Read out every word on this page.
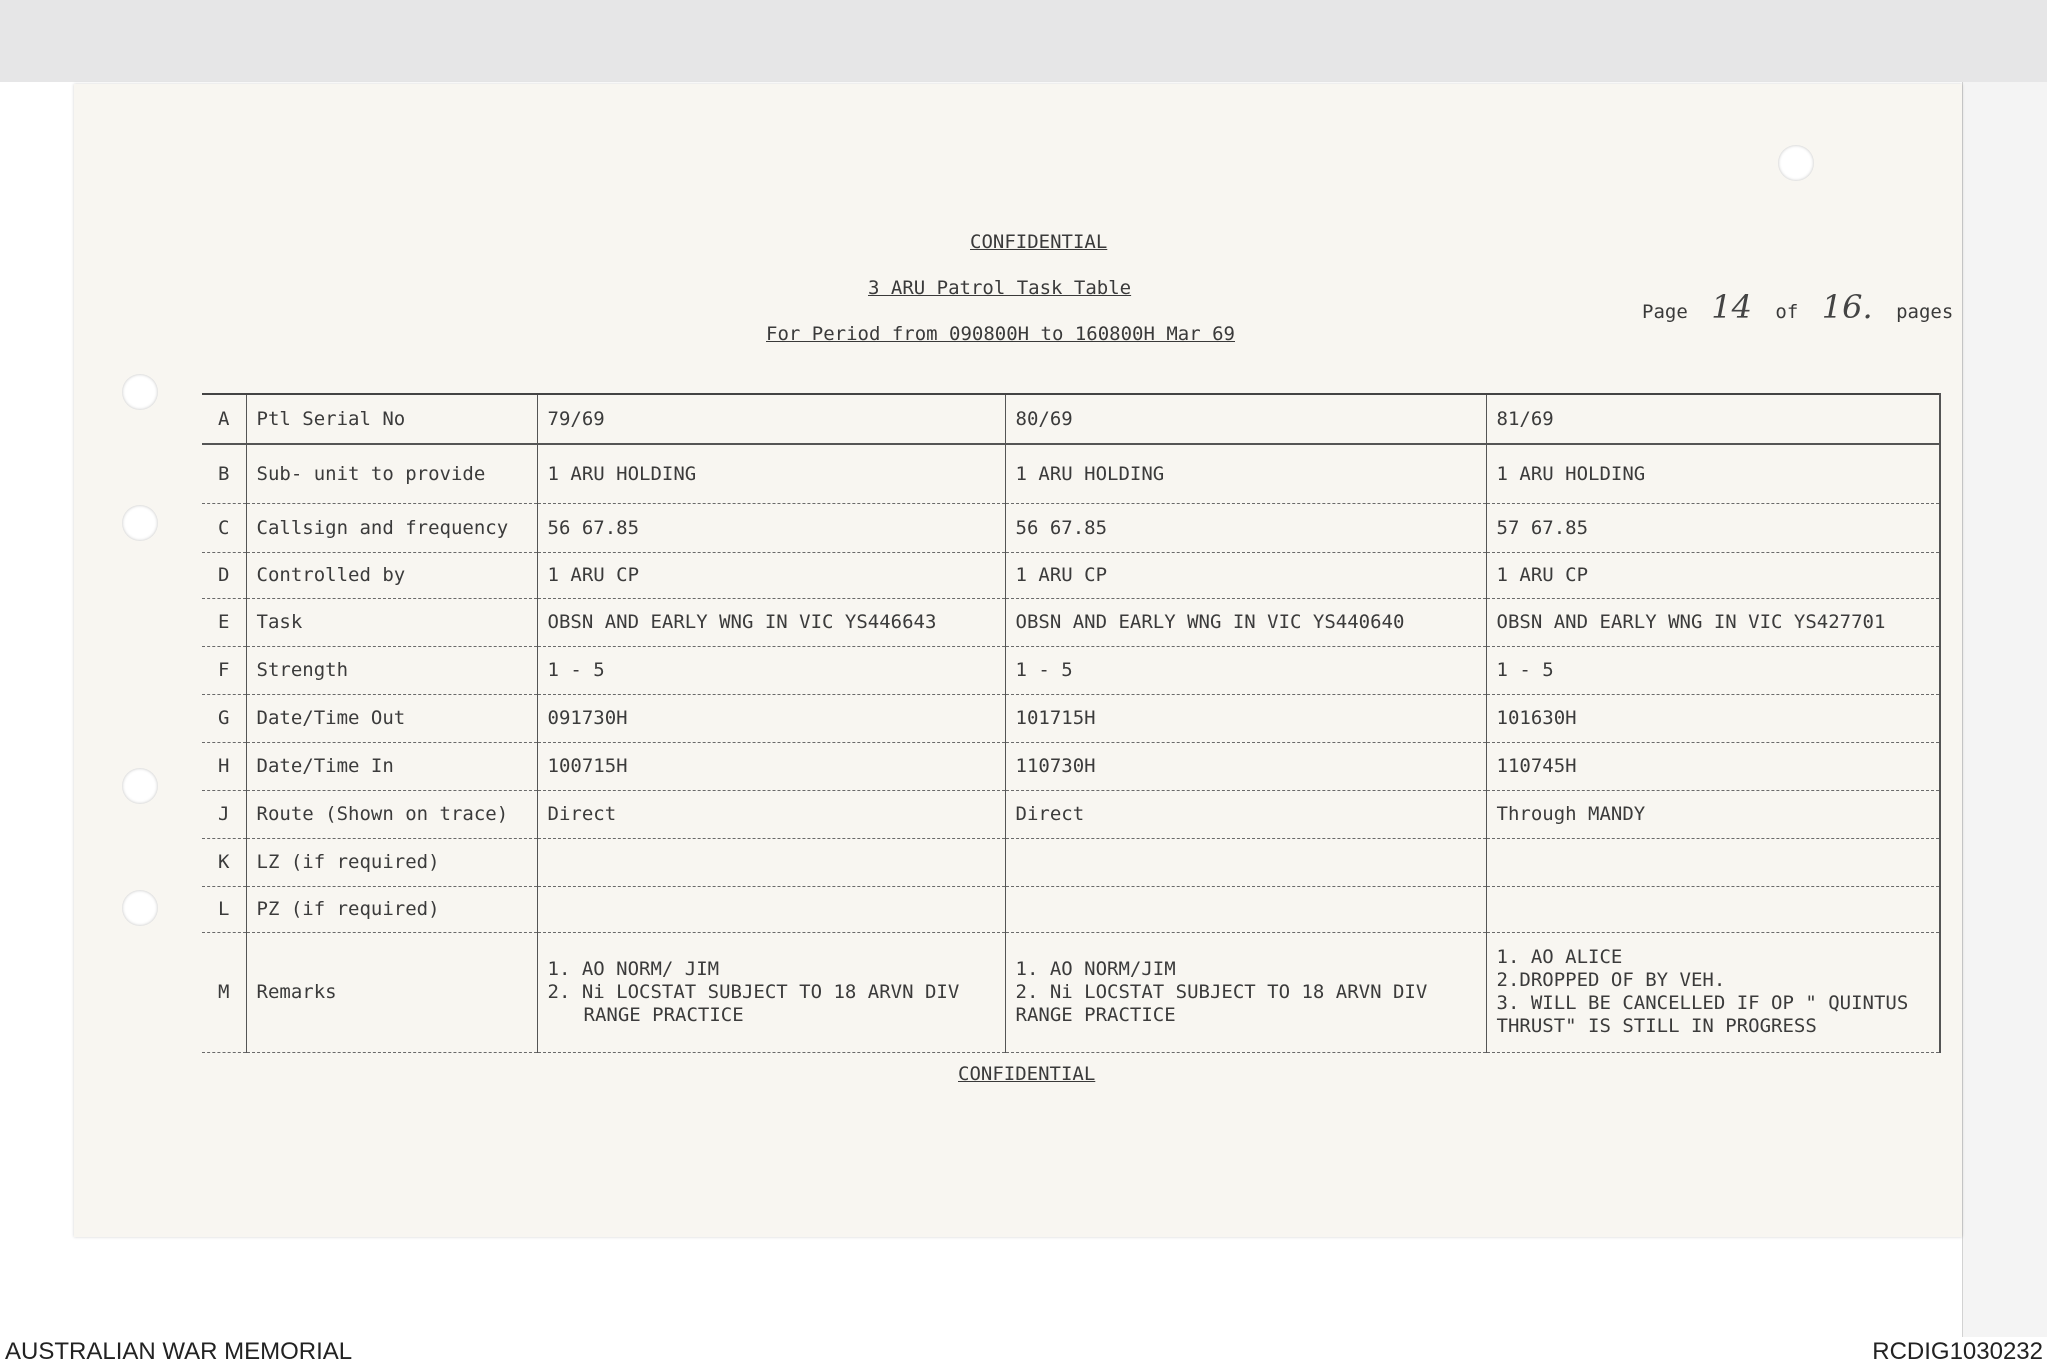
CONFIDENTIAL
3 ARU Patrol Task Table
For Period from 090800H to 160800H Mar 69
Page 14 of 16. pages
A	Ptl Serial No	79/69	80/69	81/69
B	Sub- unit to provide	1 ARU HOLDING	1 ARU HOLDING	1 ARU HOLDING
C	Callsign and frequency	56 67.85	56 67.85	57 67.85
D	Controlled by	1 ARU CP	1 ARU CP	1 ARU CP
E	Task	OBSN AND EARLY WNG IN VIC YS446643	OBSN AND EARLY WNG IN VIC YS440640	OBSN AND EARLY WNG IN VIC YS427701
F	Strength	1 - 5	1 - 5	1 - 5
G	Date/Time Out	091730H	101715H	101630H
H	Date/Time In	100715H	110730H	110745H
J	Route (Shown on trace)	Direct	Direct	Through MANDY
K	LZ (if required)			
L	PZ (if required)			
M	Remarks	1. AO NORM/ JIM
2. Ni LOCSTAT SUBJECT TO 18 ARVN DIV
RANGE PRACTICE	1. AO NORM/JIM
2. Ni LOCSTAT SUBJECT TO 18 ARVN DIV
RANGE PRACTICE	1. AO ALICE
2.DROPPED OF BY VEH.
3. WILL BE CANCELLED IF OP " QUINTUS
THRUST" IS STILL IN PROGRESS
CONFIDENTIAL
AUSTRALIAN WAR MEMORIAL	RCDIG1030232
